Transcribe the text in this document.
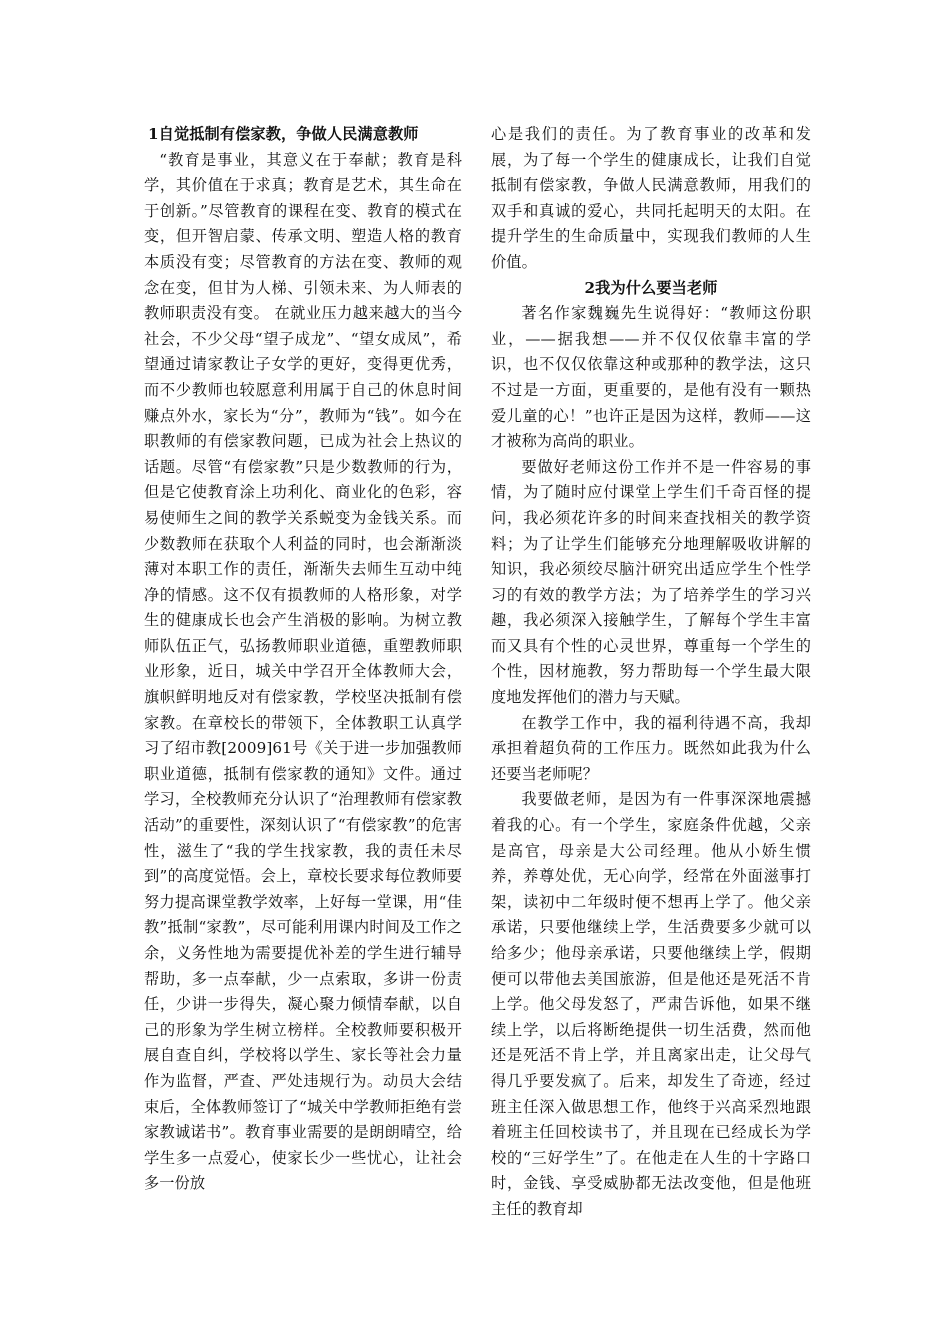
1自觉抵制有偿家教，争做人民满意教师

“教育是事业，其意义在于奉献；教育是科学，其价值在于求真；教育是艺术，其生命在于创新。”尽管教育的课程在变、教育的模式在变，但开智启蒙、传承文明、塑造人格的教育本质没有变；尽管教育的方法在变、教师的观念在变，但甘为人梯、引领未来、为人师表的教师职责没有变。 在就业压力越来越大的当今社会，不少父母“望子成龙”、“望女成凤”，希望通过请家教让子女学的更好，变得更优秀，而不少教师也较愿意利用属于自己的休息时间赚点外水，家长为“分”，教师为“钱”。如今在职教师的有偿家教问题，已成为社会上热议的话题。尽管“有偿家教”只是少数教师的行为，但是它使教育涂上功利化、商业化的色彩，容易使师生之间的教学关系蜕变为金钱关系。而少数教师在获取个人利益的同时，也会渐渐淡薄对本职工作的责任，渐渐失去师生互动中纯净的情感。这不仅有损教师的人格形象，对学生的健康成长也会产生消极的影响。为树立教师队伍正气，弘扬教师职业道德，重塑教师职业形象，近日，城关中学召开全体教师大会，旗帜鲜明地反对有偿家教，学校坚决抵制有偿家教。在章校长的带领下，全体教职工认真学习了绍市教[2009]61号《关于进一步加强教师职业道德，抵制有偿家教的通知》文件。通过学习，全校教师充分认识了“治理教师有偿家教活动”的重要性，深刻认识了“有偿家教”的危害性，滋生了“我的学生找家教，我的责任未尽到”的高度觉悟。会上，章校长要求每位教师要努力提高课堂教学效率，上好每一堂课，用“佳教”抵制“家教”，尽可能利用课内时间及工作之余，义务性地为需要提优补差的学生进行辅导帮助，多一点奉献，少一点索取，多讲一份责任，少讲一步得失，凝心聚力倾情奉献，以自己的形象为学生树立榜样。全校教师要积极开展自查自纠，学校将以学生、家长等社会力量作为监督，严查、严处违规行为。动员大会结束后，全体教师签订了“城关中学教师拒绝有尝家教诚诺书”。教育事业需要的是朗朗晴空，给学生多一点爱心，使家长少一些忧心，让社会多一份放

心是我们的责任。为了教育事业的改革和发展，为了每一个学生的健康成长，让我们自觉抵制有偿家教，争做人民满意教师，用我们的双手和真诚的爱心，共同托起明天的太阳。在提升学生的生命质量中，实现我们教师的人生价值。

2我为什么要当老师

著名作家魏巍先生说得好：“教师这份职业，——据我想——并不仅仅依靠丰富的学识，也不仅仅依靠这种或那种的教学法，这只不过是一方面，更重要的，是他有没有一颗热爱儿童的心！”也许正是因为这样，教师——这才被称为高尚的职业。

要做好老师这份工作并不是一件容易的事情，为了随时应付课堂上学生们千奇百怪的提问，我必须花许多的时间来查找相关的教学资料；为了让学生们能够充分地理解吸收讲解的知识，我必须绞尽脑汁研究出适应学生个性学习的有效的教学方法；为了培养学生的学习兴趣，我必须深入接触学生，了解每个学生丰富而又具有个性的心灵世界，尊重每一个学生的个性，因材施教，努力帮助每一个学生最大限度地发挥他们的潜力与天赋。

在教学工作中，我的福利待遇不高，我却承担着超负荷的工作压力。既然如此我为什么还要当老师呢？

我要做老师，是因为有一件事深深地震撼着我的心。有一个学生，家庭条件优越，父亲是高官，母亲是大公司经理。他从小娇生惯养，养尊处优，无心向学，经常在外面滋事打架，读初中二年级时便不想再上学了。他父亲承诺，只要他继续上学，生活费要多少就可以给多少；他母亲承诺，只要他继续上学，假期便可以带他去美国旅游，但是他还是死活不肯上学。他父母发怒了，严肃告诉他，如果不继续上学，以后将断绝提供一切生活费，然而他还是死活不肯上学，并且离家出走，让父母气得几乎要发疯了。后来，却发生了奇迹，经过班主任深入做思想工作，他终于兴高采烈地跟着班主任回校读书了，并且现在已经成长为学校的“三好学生”了。在他走在人生的十字路口时，金钱、享受威胁都无法改变他，但是他班主任的教育却
